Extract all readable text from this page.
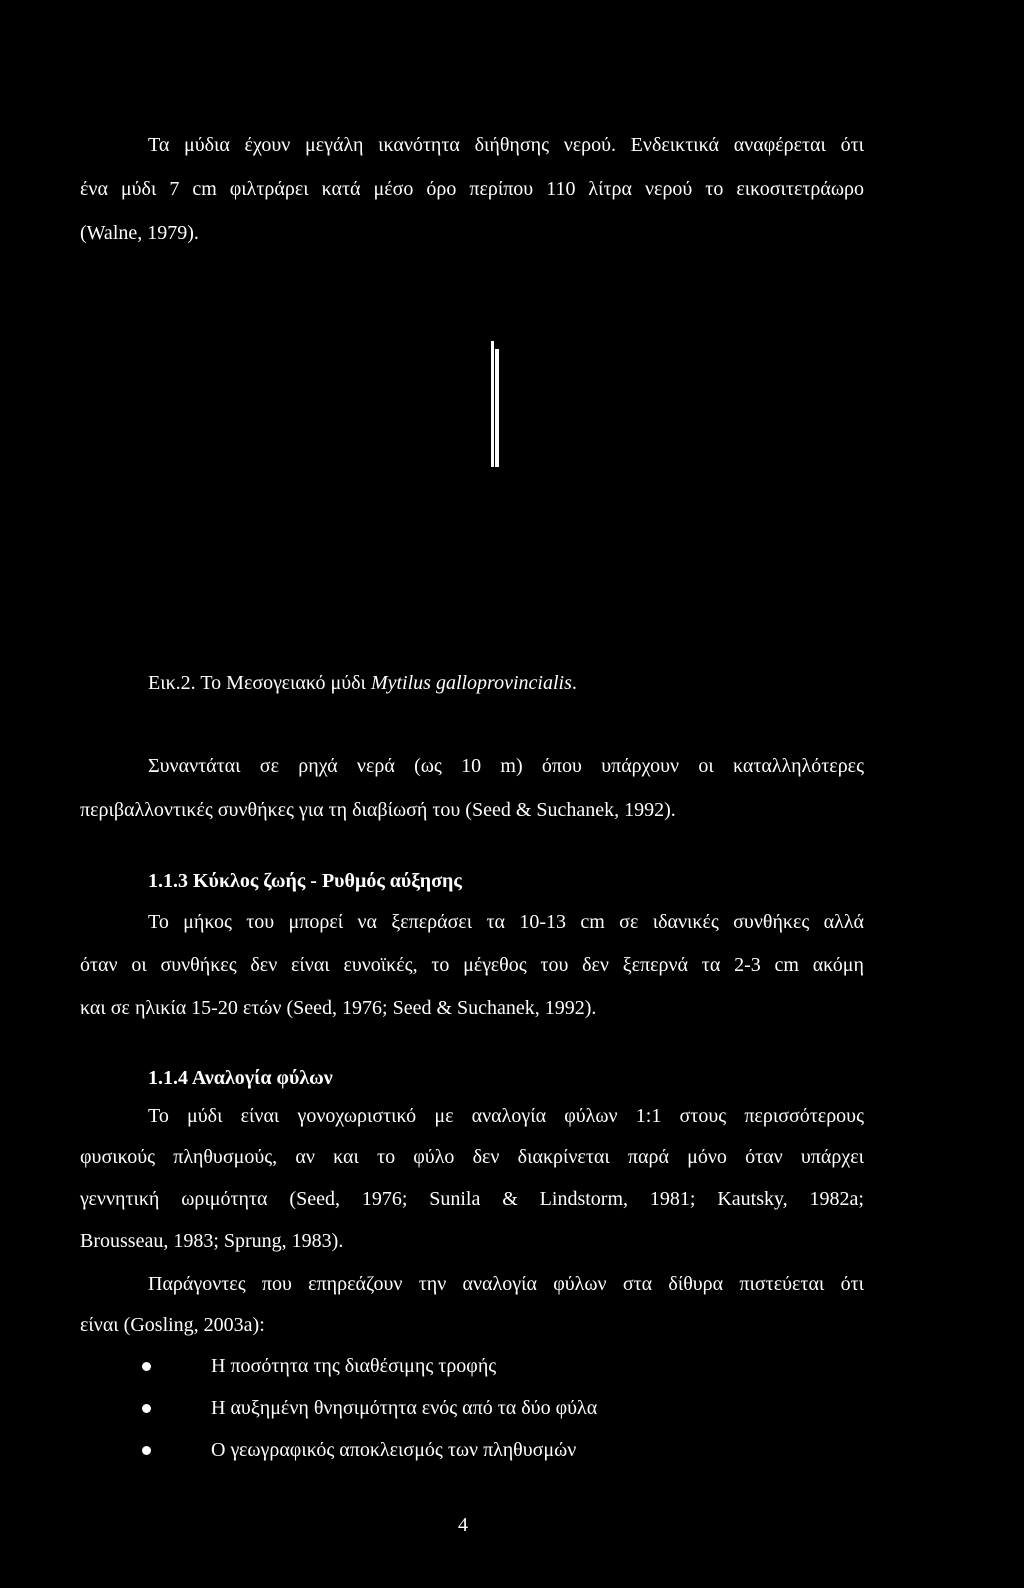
Τα μύδια έχουν μεγάλη ικανότητα διήθησης νερού. Ενδεικτικά αναφέρεται ότι
ένα μύδι 7 cm φιλτράρει κατά μέσο όρο περίπου 110 λίτρα νερού το εικοσιτετράωρο
(Walne, 1979).
Εικ.2. Το Μεσογειακό μύδι Mytilus galloprovincialis.
Συναντάται σε ρηχά νερά (ως 10 m) όπου υπάρχουν οι καταλληλότερες
περιβαλλοντικές συνθήκες για τη διαβίωσή του (Seed & Suchanek, 1992).
1.1.3 Κύκλος ζωής - Ρυθμός αύξησης
Το μήκος του μπορεί να ξεπεράσει τα 10-13 cm σε ιδανικές συνθήκες αλλά
όταν οι συνθήκες δεν είναι ευνοϊκές, το μέγεθος του δεν ξεπερνά τα 2-3 cm ακόμη
και σε ηλικία 15-20 ετών (Seed, 1976; Seed & Suchanek, 1992).
1.1.4 Αναλογία φύλων
Το μύδι είναι γονοχωριστικό με αναλογία φύλων 1:1 στους περισσότερους
φυσικούς πληθυσμούς, αν και το φύλο δεν διακρίνεται παρά μόνο όταν υπάρχει
γεννητική ωριμότητα (Seed, 1976; Sunila & Lindstorm, 1981; Kautsky, 1982a;
Brousseau, 1983; Sprung, 1983).
Παράγοντες που επηρεάζουν την αναλογία φύλων στα δίθυρα πιστεύεται ότι
είναι (Gosling, 2003a):
Η ποσότητα της διαθέσιμης τροφής
Η αυξημένη θνησιμότητα ενός από τα δύο φύλα
Ο γεωγραφικός αποκλεισμός των πληθυσμών
4
